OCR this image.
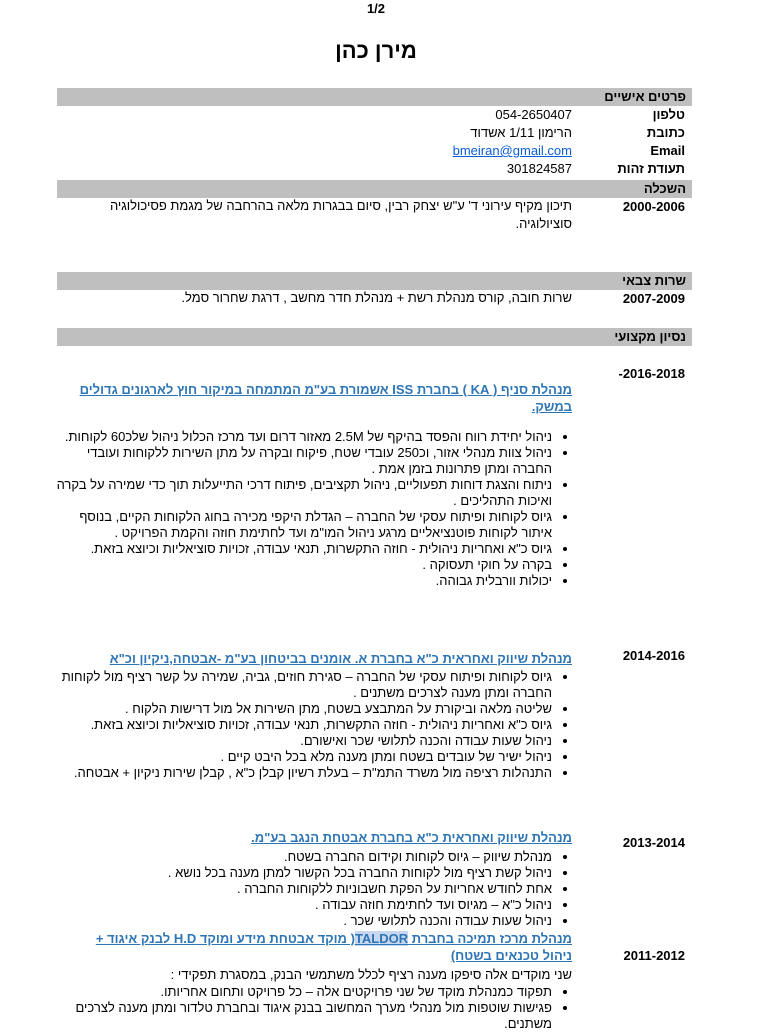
1/2
מירן כהן
פרטים אישיים
טלפון
054-2650407
כתובת
הרימון 1/11 אשדוד
Email
bmeiran@gmail.com
תעודת זהות
301824587
השכלה
2000-2006
תיכון מקיף עירוני ד' ע"ש יצחק רבין, סיום בבגרות מלאה בהרחבה של מגמת פסיכולוגיה סוציולוגיה.
שרות צבאי
2007-2009
שרות חובה, קורס מנהלת רשת + מנהלת חדר מחשב , דרגת שחרור סמל.
נסיון מקצועי
-2016-2018
מנהלת סניף ( KA ) בחברת ISS אשמורת בע"מ המתמחה במיקור חוץ לארגונים גדולים במשק.
• ניהול יחידת רווח והפסד בהיקף של 2.5M מאזור דרום ועד מרכז הכלול ניהול שלכ60 לקוחות.
• ניהול צוות מנהלי אזור, וכ250 עובדי שטח, פיקוח ובקרה על מתן השירות ללקוחות ועובדי החברה ומתן פתרונות בזמן אמת .
• ניתוח והצגת דוחות תפעוליים, ניהול תקציבים, פיתוח דרכי התייעלות תוך כדי שמירה על בקרה ואיכות התהליכים .
• גיוס לקוחות ופיתוח עסקי של החברה – הגדלת היקפי מכירה בחוג הלקוחות הקיים, בנוסף איתור לקוחות פוטנציאליים מרגע ניהול המו"מ ועד לחתימת חוזה והקמת הפרויקט .
• גיוס כ"א ואחריות ניהולית - חוזה התקשרות, תנאי עבודה, זכויות סוציאליות וכיוצא בזאת.
• בקרה על חוקי תעסוקה .
• יכולות וורבלית גבוהה.
2014-2016
מנהלת שיווק ואחראית כ"א בחברת א. אומנים בביטחון בע"מ -אבטחה,ניקיון וכ"א
• גיוס לקוחות ופיתוח עסקי של החברה – סגירת חוזים, גביה, שמירה על קשר רציף מול לקוחות החברה ומתן מענה לצרכים משתנים .
• שליטה מלאה וביקורת על המתבצע בשטח, מתן השירות אל מול דרישות הלקוח .
• גיוס כ"א ואחריות ניהולית - חוזה התקשרות, תנאי עבודה, זכויות סוציאליות וכיוצא בזאת.
• ניהול שעות עבודה והכנה לתלושי שכר ואישורם.
• ניהול ישיר של עובדים בשטח ומתן מענה מלא בכל היבט קיים .
• התנהלות רציפה מול משרד התמ"ת – בעלת רשיון קבלן כ"א , קבלן שירות ניקיון + אבטחה.
2013-2014
מנהלת שיווק ואחראית כ"א בחברת אבטחת הנגב בע"מ.
• מנהלת שיווק – גיוס לקוחות וקידום החברה בשטח.
• ניהול קשת רציף מול לקוחות החברה בכל הקשור למתן מענה בכל נושא .
• אחת לחודש אחריות על הפקת חשבוניות ללקוחות החברה .
• ניהול כ"א – מגיוס ועד לחתימת חוזה עבודה .
• ניהול שעות עבודה והכנה לתלושי שכר .
2011-2012
מנהלת מרכז תמיכה בחברת TALDOR( מוקד אבטחת מידע ומוקד H.D לבנק איגוד + ניהול טכנאים בשטח)
שני מוקדים אלה סיפקו מענה רציף לכלל משתמשי הבנק, במסגרת תפקידי :
• תפקוד כמנהלת מוקד של שני פרויקטים אלה – כל פרויקט ותחום אחריותו.
• פגישות שוטפות מול מנהלי מערך המחשוב בבנק איגוד ובחברת טלדור ומתן מענה לצרכים משתנים.
